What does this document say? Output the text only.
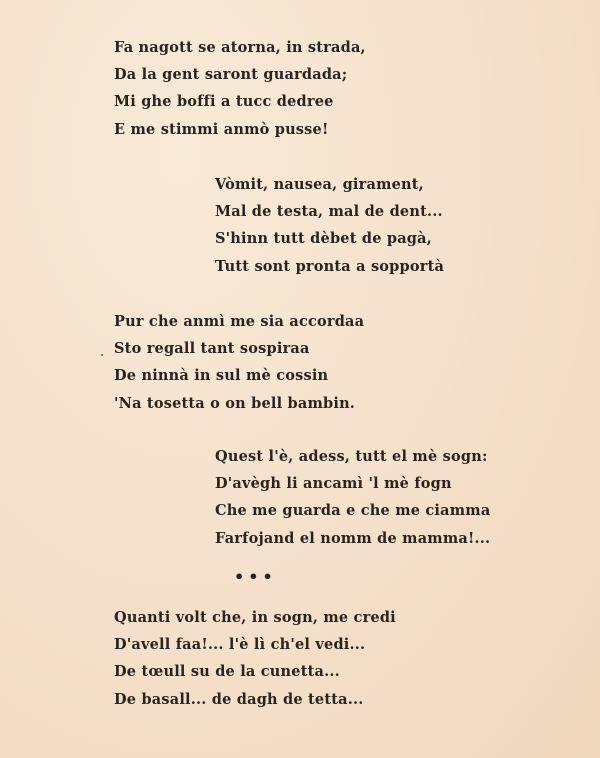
Fa nagott se atorna, in strada,
Da la gent saront guardada;
Mi ghe boffi a tucc dedree
E me stimmi anmò pusse!
Vòmit, nausea, girament,
Mal de testa, mal de dent...
S'hinn tutt dèbet de pagà,
Tutt sont pronta a sopportà
Pur che anmì me sia accordaa
Sto regall tant sospiraa
De ninnà in sul mè cossin
'Na tosetta o on bell bambin.
Quest l'è, adess, tutt el mè sogn:
D'avègh li ancamì 'l mè fogn
Che me guarda e che me ciamma
Farfojand el nomm de mamma!...
•••
Quanti volt che, in sogn, me credi
D'avell faa!... l'è lì ch'el vedi...
De tœull su de la cunetta...
De basall... de dagh de tetta...
